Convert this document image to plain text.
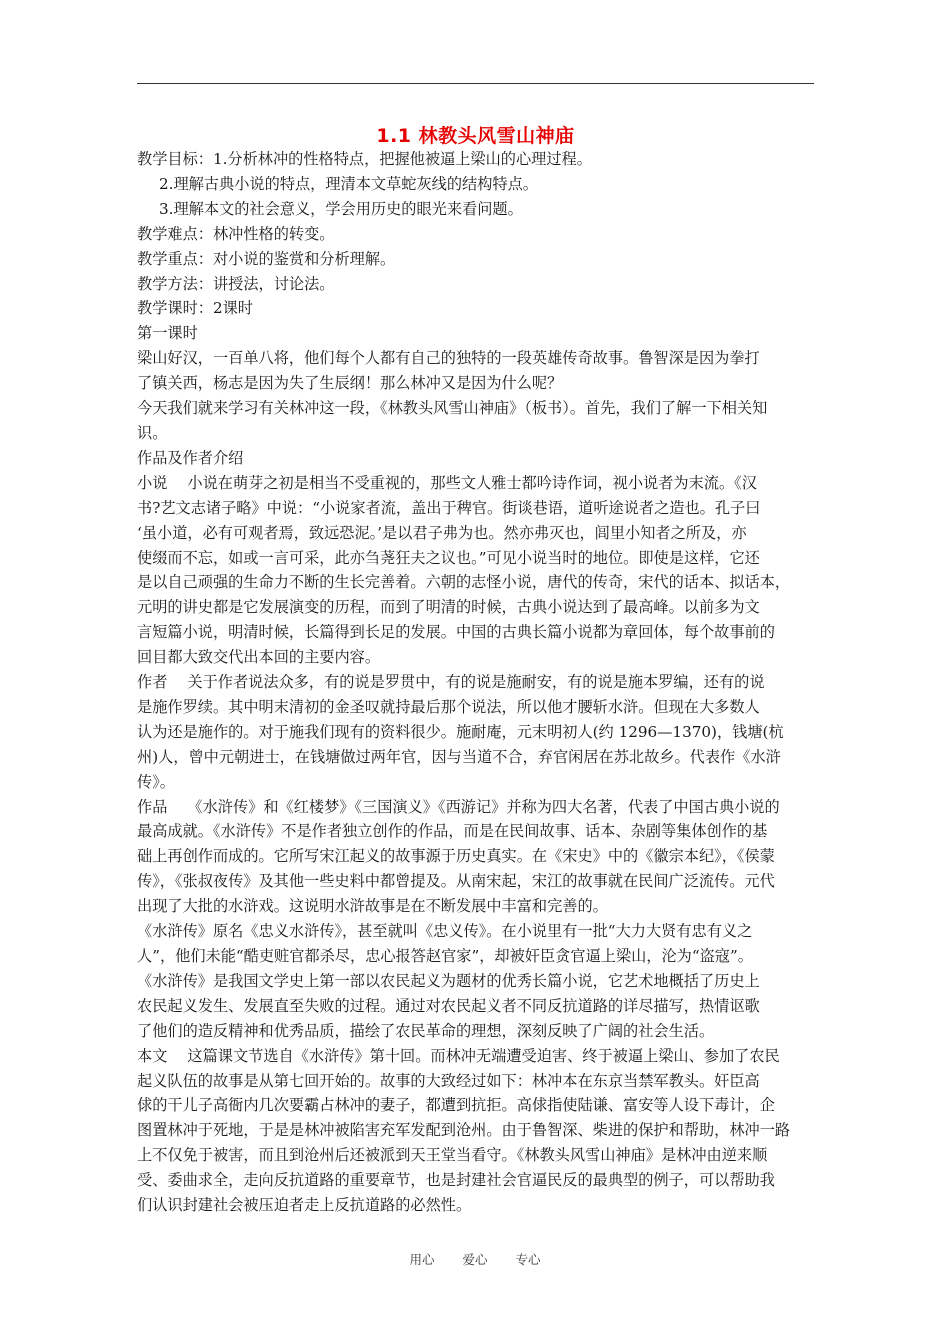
1.1 林教头风雪山神庙

教学目标：1.分析林冲的性格特点，把握他被逼上梁山的心理过程。

2.理解古典小说的特点，理清本文草蛇灰线的结构特点。

3.理解本文的社会意义，学会用历史的眼光来看问题。

教学难点：林冲性格的转变。

教学重点：对小说的鉴赏和分析理解。

教学方法：讲授法，讨论法。

教学课时：2课时

第一课时

梁山好汉，一百单八将，他们每个人都有自己的独特的一段英雄传奇故事。鲁智深是因为拳打

了镇关西，杨志是因为失了生辰纲！那么林冲又是因为什么呢？

今天我们就来学习有关林冲这一段，《林教头风雪山神庙》（板书）。首先，我们了解一下相关知

识。

作品及作者介绍

小说　 小说在萌芽之初是相当不受重视的，那些文人雅士都吟诗作词，视小说者为末流。《汉

书?艺文志诸子略》中说：“小说家者流，盖出于稗官。街谈巷语，道听途说者之造也。孔子曰

‘虽小道，必有可观者焉，致远恐泥。’是以君子弗为也。然亦弗灭也，闾里小知者之所及，亦

使缀而不忘，如或一言可采，此亦刍荛狂夫之议也。”可见小说当时的地位。即使是这样，它还

是以自己顽强的生命力不断的生长完善着。六朝的志怪小说，唐代的传奇，宋代的话本、拟话本，

元明的讲史都是它发展演变的历程，而到了明清的时候，古典小说达到了最高峰。以前多为文

言短篇小说，明清时候，长篇得到长足的发展。中国的古典长篇小说都为章回体，每个故事前的

回目都大致交代出本回的主要内容。

作者　 关于作者说法众多，有的说是罗贯中，有的说是施耐安，有的说是施本罗编，还有的说

是施作罗续。其中明末清初的金圣叹就持最后那个说法，所以他才腰斩水浒。但现在大多数人

认为还是施作的。对于施我们现有的资料很少。施耐庵，元末明初人(约 1296—1370)，钱塘(杭

州)人，曾中元朝进士，在钱塘做过两年官，因与当道不合，弃官闲居在苏北故乡。代表作《水浒

传》。

作品　 《水浒传》和《红楼梦》《三国演义》《西游记》并称为四大名著，代表了中国古典小说的

最高成就。《水浒传》不是作者独立创作的作品，而是在民间故事、话本、杂剧等集体创作的基

础上再创作而成的。它所写宋江起义的故事源于历史真实。在《宋史》中的《徽宗本纪》，《侯蒙

传》，《张叔夜传》及其他一些史料中都曾提及。从南宋起，宋江的故事就在民间广泛流传。元代

出现了大批的水浒戏。这说明水浒故事是在不断发展中丰富和完善的。

《水浒传》原名《忠义水浒传》，甚至就叫《忠义传》。在小说里有一批“大力大贤有忠有义之

人”，他们未能“酷吏赃官都杀尽，忠心报答赵官家”，却被奸臣贪官逼上梁山，沦为“盗寇”。

《水浒传》是我国文学史上第一部以农民起义为题材的优秀长篇小说，它艺术地概括了历史上

农民起义发生、发展直至失败的过程。通过对农民起义者不同反抗道路的详尽描写，热情讴歌

了他们的造反精神和优秀品质，描绘了农民革命的理想，深刻反映了广阔的社会生活。

本文　 这篇课文节选自《水浒传》第十回。而林冲无端遭受迫害、终于被逼上梁山、参加了农民

起义队伍的故事是从第七回开始的。故事的大致经过如下：林冲本在东京当禁军教头。奸臣高

俅的干儿子高衙内几次要霸占林冲的妻子，都遭到抗拒。高俅指使陆谦、富安等人设下毒计，企

图置林冲于死地，于是是林冲被陷害充军发配到沧州。由于鲁智深、柴进的保护和帮助，林冲一路

上不仅免于被害，而且到沧州后还被派到天王堂当看守。《林教头风雪山神庙》是林冲由逆来顺

受、委曲求全，走向反抗道路的重要章节，也是封建社会官逼民反的最典型的例子，可以帮助我

们认识封建社会被压迫者走上反抗道路的必然性。

用心 爱心 专心
